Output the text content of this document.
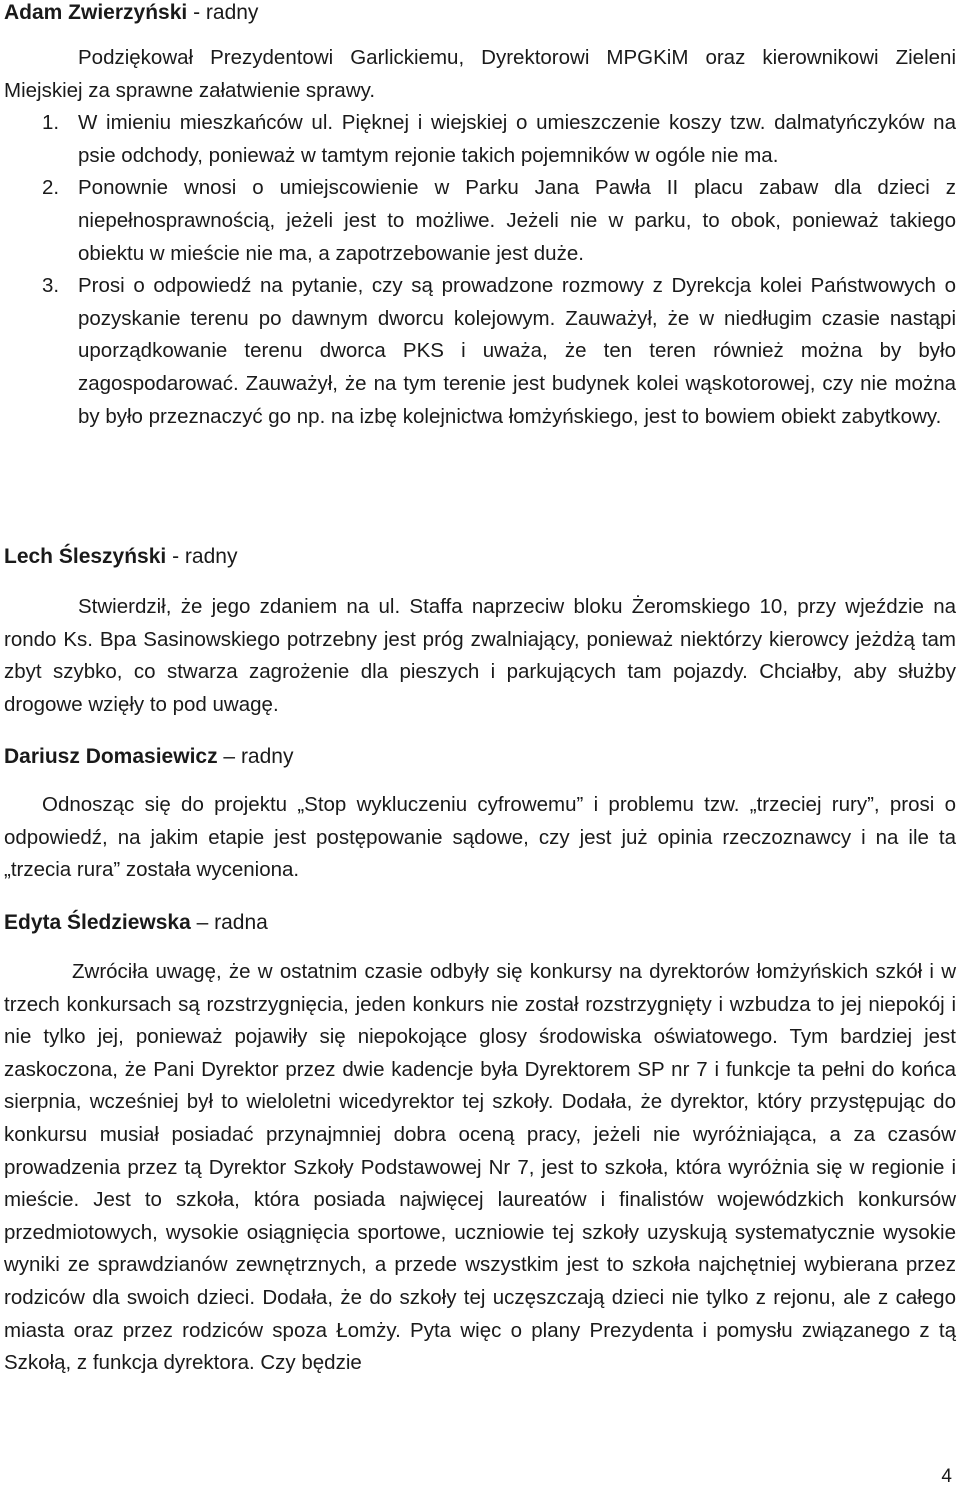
Adam Zwierzyński - radny

Podziękował Prezydentowi Garlickiemu, Dyrektorowi MPGKiM oraz kierownikowi Zieleni Miejskiej za sprawne załatwienie sprawy.

1. W imieniu mieszkańców ul. Pięknej i wiejskiej o umieszczenie koszy tzw. dalmatyńczyków na psie odchody, ponieważ w tamtym rejonie takich pojemników w ogóle nie ma.
2. Ponownie wnosi o umiejscowienie w Parku Jana Pawła II placu zabaw dla dzieci z niepełnosprawnością, jeżeli jest to możliwe. Jeżeli nie w parku, to obok, ponieważ takiego obiektu w mieście nie ma, a zapotrzebowanie jest duże.
3. Prosi o odpowiedź na pytanie, czy są prowadzone rozmowy z Dyrekcja kolei Państwowych o pozyskanie terenu po dawnym dworcu kolejowym. Zauważył, że w niedługim czasie nastąpi uporządkowanie terenu dworca PKS i uważa, że ten teren również można by było zagospodarować. Zauważył, że na tym terenie jest budynek kolei wąskotorowej, czy nie można by było przeznaczyć go np. na izbę kolejnictwa łomżyńskiego, jest to bowiem obiekt zabytkowy.

Lech Śleszyński - radny

Stwierdził, że jego zdaniem na ul. Staffa naprzeciw bloku Żeromskiego 10, przy wjeździe na rondo Ks. Bpa Sasinowskiego potrzebny jest próg zwalniający, ponieważ niektórzy kierowcy jeżdżą tam zbyt szybko, co stwarza zagrożenie dla pieszych i parkujących tam pojazdy. Chciałby, aby służby drogowe wzięły to pod uwagę.

Dariusz Domasiewicz – radny

Odnosząc się do projektu „Stop wykluczeniu cyfrowemu” i problemu tzw. „trzeciej rury”, prosi o odpowiedź, na jakim etapie jest postępowanie sądowe, czy jest już opinia rzeczoznawcy i na ile ta „trzecia rura” została wyceniona.

Edyta Śledziewska – radna

Zwróciła uwagę, że w ostatnim czasie odbyły się konkursy na dyrektorów łomżyńskich szkół i w trzech konkursach są rozstrzygnięcia, jeden konkurs nie został rozstrzygnięty i wzbudza to jej niepokój i nie tylko jej, ponieważ pojawiły się niepokojące glosy środowiska oświatowego. Tym bardziej jest zaskoczona, że Pani Dyrektor przez dwie kadencje była Dyrektorem SP nr 7 i funkcje ta pełni do końca sierpnia, wcześniej był to wieloletni wicedyrektor tej szkoły. Dodała, że dyrektor, który przystępując do konkursu musiał posiadać przynajmniej dobra oceną pracy, jeżeli nie wyróżniająca, a za czasów prowadzenia przez tą Dyrektor Szkoły Podstawowej Nr 7, jest to szkoła, która wyróżnia się w regionie i mieście. Jest to szkoła, która posiada najwięcej laureatów i finalistów wojewódzkich konkursów przedmiotowych, wysokie osiągnięcia sportowe, uczniowie tej szkoły uzyskują systematycznie wysokie wyniki ze sprawdzianów zewnętrznych, a przede wszystkim jest to szkoła najchętniej wybierana przez rodziców dla swoich dzieci. Dodała, że do szkoły tej uczęszczają dzieci nie tylko z rejonu, ale z całego miasta oraz przez rodziców spoza Łomży. Pyta więc o plany Prezydenta i pomysłu związanego z tą Szkołą, z funkcja dyrektora. Czy będzie

4
